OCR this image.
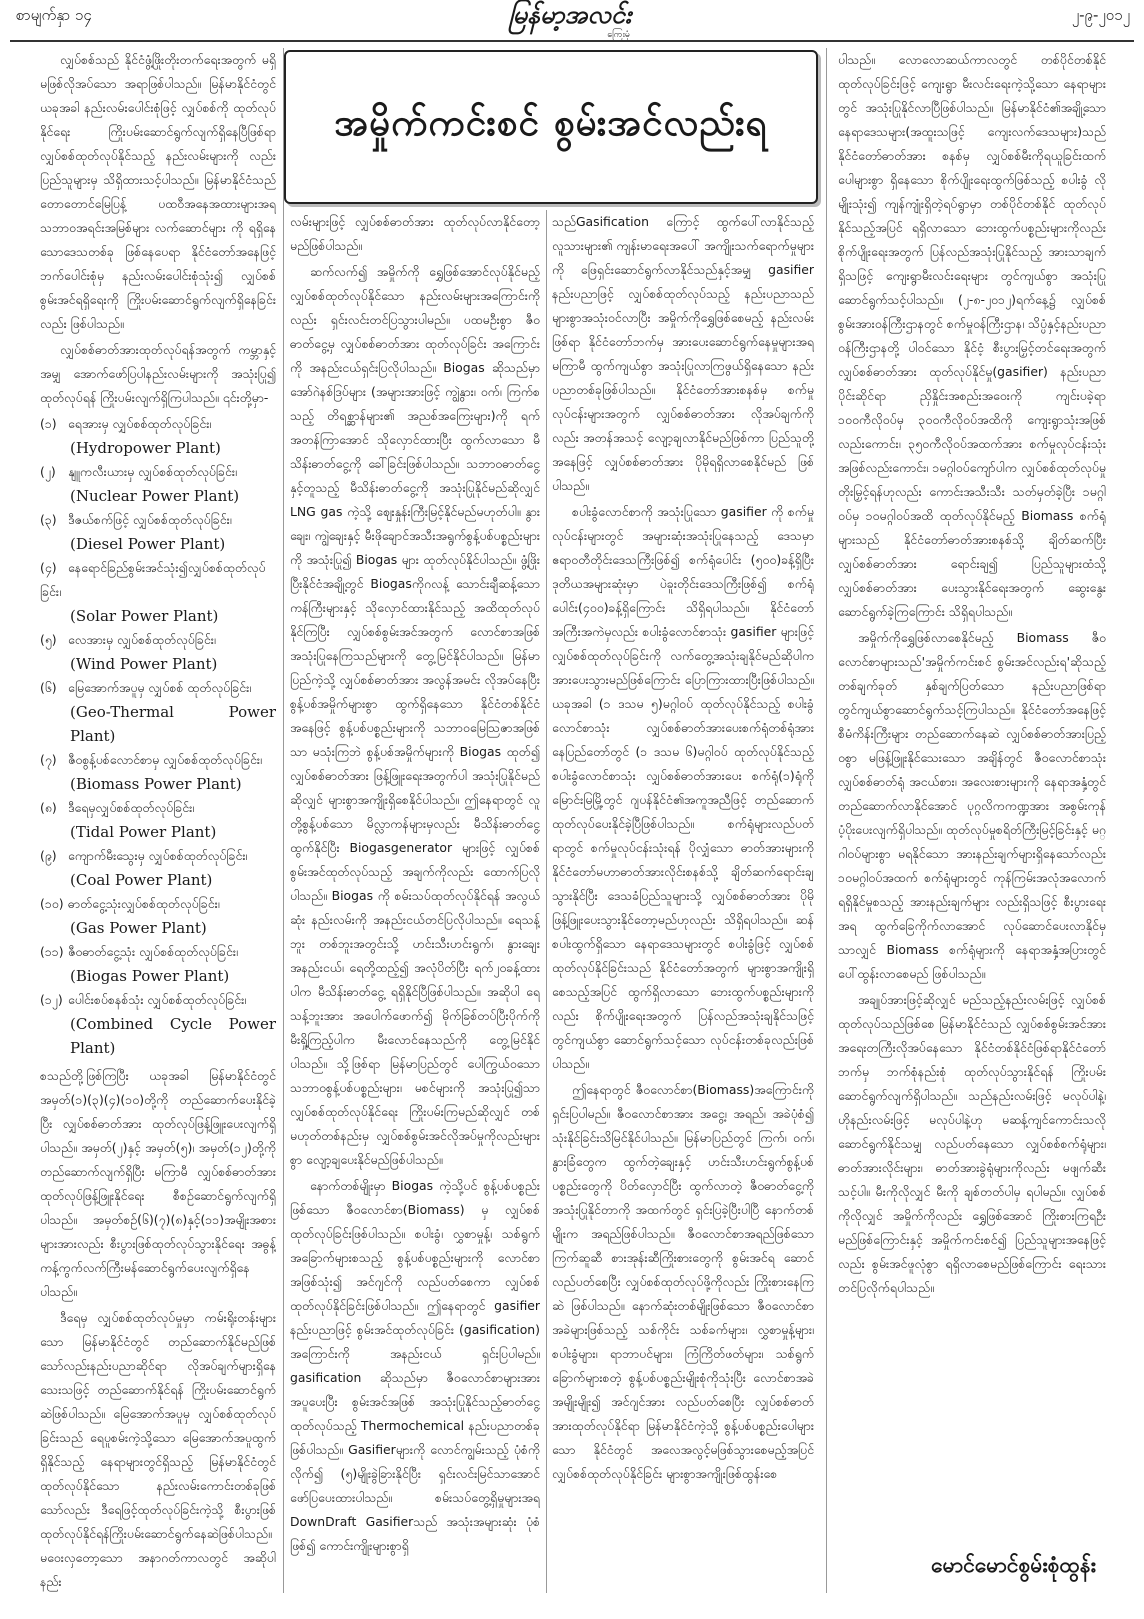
စာမျက်နှာ ၁၄	မြန်မာ့အလင်း
ကြေးမုံ
၂-၉-၂၀၁၂
အမှိုက်ကင်းစင် စွမ်းအင်လည်းရ

လျှပ်စစ်သည် နိုင်ငံဖွံ့ဖြိုးတိုးတက်ရေးအတွက် မရှိမဖြစ်လိုအပ်သော အရာဖြစ်ပါသည်။ မြန်မာနိုင်ငံတွင် ယခုအခါ နည်းလမ်းပေါင်းစုံဖြင့် လျှပ်စစ်ကို ထုတ်လုပ်နိုင်ရေး ကြိုးပမ်းဆောင်ရွက်လျက်ရှိနေပြီဖြစ်ရာ လျှပ်စစ်ထုတ်လုပ်နိုင်သည့် နည်းလမ်းများကို လည်း ပြည်သူများမှ သိရှိထားသင့်ပါသည်။ မြန်မာနိုင်ငံသည်တောတောင်မြေပြန့် ပထဝီအနေအထားများအရသဘာဝအရင်းအမြစ်များ လက်ဆောင်များ ကို ရရှိနေသောဒေသတစ်ခု ဖြစ်နေပေရာ နိုင်ငံတော်အနေဖြင့် ဘက်ပေါင်းစုံမှ နည်းလမ်းပေါင်းစုံသုံး၍ လျှပ်စစ်စွမ်းအင်ရရှိရေးကို ကြိုးပမ်းဆောင်ရွက်လျက်ရှိနေခြင်းလည်း ဖြစ်ပါသည်။

လျှပ်စစ်ဓာတ်အားထုတ်လုပ်ရန်အတွက် ကမ္ဘာနှင့်အမျှ အောက်ဖော်ပြပါနည်းလမ်းများကို အသုံးပြု၍ ထုတ်လုပ်ရန် ကြိုးပမ်းလျက်ရှိကြပါသည်။ ၎င်းတို့မှာ-

(၁) ရေအားမှ လျှပ်စစ်ထုတ်လုပ်ခြင်း၊
(Hydropower Plant)
(၂) နျူကလီးယားမှ လျှပ်စစ်ထုတ်လုပ်ခြင်း၊
(Nuclear Power Plant)
(၃) ဒီဇယ်စက်ဖြင့် လျှပ်စစ်ထုတ်လုပ်ခြင်း၊
(Diesel Power Plant)
(၄) နေရောင်ခြည်စွမ်းအင်သုံး၍လျှပ်စစ်ထုတ်လုပ်ခြင်း၊
(Solar Power Plant)
(၅) လေအားမှ လျှပ်စစ်ထုတ်လုပ်ခြင်း၊
(Wind Power Plant)
(၆) မြေအောက်အပူမှ လျှပ်စစ် ထုတ်လုပ်ခြင်း၊
(Geo-Thermal Power Plant)
(၇) ဇီဝစွန့်ပစ်လောင်စာမှ လျှပ်စစ်ထုတ်လုပ်ခြင်း၊
(Biomass Power Plant)
(၈) ဒီရေမှလျှပ်စစ်ထုတ်လုပ်ခြင်း၊
(Tidal Power Plant)
(၉) ကျောက်မီးသွေးမှ လျှပ်စစ်ထုတ်လုပ်ခြင်း၊
(Coal Power Plant)
(၁၀) ဓာတ်ငွေ့သုံးလျှပ်စစ်ထုတ်လုပ်ခြင်း၊
(Gas Power Plant)
(၁၁) ဇီဝဓာတ်ငွေ့သုံး လျှပ်စစ်ထုတ်လုပ်ခြင်း၊
(Biogas Power Plant)
(၁၂) ပေါင်းစပ်စနစ်သုံး လျှပ်စစ်ထုတ်လုပ်ခြင်း၊
(Combined Cycle Power Plant)

စသည်တို့ဖြစ်ကြပြီး ယခုအခါ မြန်မာနိုင်ငံတွင် အမှတ်(၁)(၃)(၄)(၁၀)တို့ကို တည်ဆောက်ပေးနိုင်ခဲ့ပြီး လျှပ်စစ်ဓာတ်အား ထုတ်လုပ်ဖြန့်ဖြူးပေးလျက်ရှိပါသည်။ အမှတ်(၂)နှင့် အမှတ်(၅)၊ အမှတ်(၁၂)တို့ကို တည်ဆောက်လျက်ရှိပြီး မကြာမီ လျှပ်စစ်ဓာတ်အား ထုတ်လုပ်ဖြန့်ဖြူးနိုင်ရေး စီစဉ်ဆောင်ရွက်လျက်ရှိပါသည်။ အမှတ်စဉ်(၆)(၇)(၈)နှင့်(၁၁)အမျိုးအစားများအားလည်း စီးပွားဖြစ်ထုတ်လုပ်သွားနိုင်ရေး အဓွန့်ကန့်ကွက်လက်ကြီးမန်ဆောင်ရွက်ပေးလျက်ရှိနေပါသည်။

ဒီရေမှ လျှပ်စစ်ထုတ်လုပ်မှုမှာ ကမ်းရိုးတန်းများသော မြန်မာနိုင်ငံတွင် တည်ဆောက်နိုင်မည်ဖြစ်သော်လည်းနည်းပညာဆိုင်ရာ လိုအပ်ချက်များရှိနေသေးသဖြင့် တည်ဆောက်နိုင်ရန် ကြိုးပမ်းဆောင်ရွက်ဆဲဖြစ်ပါသည်။ မြေအောက်အပူမှ လျှပ်စစ်ထုတ်လုပ်ခြင်းသည် ရေပူစမ်းကဲ့သို့သော မြေအောက်အပူထွက်ရှိနိုင်သည့် နေရာများတွင်ရှိသည့် မြန်မာနိုင်ငံတွင် ထုတ်လုပ်နိုင်သော နည်းလမ်းကောင်းတစ်ခုဖြစ်သော်လည်း ဒီရေဖြင့်ထုတ်လုပ်ခြင်းကဲ့သို့ စီးပွားဖြစ် ထုတ်လုပ်နိုင်ရန်ကြိုးပမ်းဆောင်ရွက်နေဆဲဖြစ်ပါသည်။ မဝေးလှတော့သော အနာဂတ်ကာလတွင် အဆိုပါ နည်း

လမ်းများဖြင့် လျှပ်စစ်ဓာတ်အား ထုတ်လုပ်လာနိုင်တော့မည်ဖြစ်ပါသည်။

ဆက်လက်၍ အမှိုက်ကို ရွှေဖြစ်အောင်လုပ်နိုင်မည့် လျှပ်စစ်ထုတ်လုပ်နိုင်သော နည်းလမ်းများအကြောင်းကိုလည်း ရှင်းလင်းတင်ပြသွားပါမည်။ ပထမဦးစွာ ဇီဝဓာတ်ငွေ့မှ လျှပ်စစ်ဓာတ်အား ထုတ်လုပ်ခြင်း အကြောင်းကို အနည်းငယ်ရှင်းပြလိုပါသည်။ Biogas ဆိုသည်မှာ အော်ဂဲနစ်ဒြပ်များ (အများအားဖြင့် ကျွဲနွား၊ ဝက်၊ ကြက်စသည့် တိရစ္ဆာန်များ၏ အညစ်အကြေးများ)ကို ရက်အတန်ကြာအောင် သိုလှောင်ထားပြီး ထွက်လာသော မီသိန်းဓာတ်ငွေ့ကို ခေါ်ခြင်းဖြစ်ပါသည်။ သဘာဝဓာတ်ငွေ့နှင့်တူသည့် မီသိန်းဓာတ်ငွေ့ကို အသုံးပြုနိုင်မည်ဆိုလျှင် LNG gas ကဲ့သို့ ဈေးနှုန်းကြီးမြင့်နိုင်မည်မဟုတ်ပါ။ နွားချေး၊ ကျွဲချေးနှင့် မီးဖိုချောင်အသီးအရွက်စွန့်ပစ်ပစ္စည်းများကို အသုံးပြု၍ Biogas များ ထုတ်လုပ်နိုင်ပါသည်။ ဖွံ့ဖြိုးပြီးနိုင်ငံအချို့တွင် Biogasကိုဂလန့် သောင်းချီဆန့်သော ကန်ကြီးများနှင့် သိုလှောင်ထားနိုင်သည့် အထိထုတ်လုပ်နိုင်ကြပြီး လျှပ်စစ်စွမ်းအင်အတွက် လောင်စာအဖြစ် အသုံးပြုနေကြသည်များကို တွေ့မြင်နိုင်ပါသည်။ မြန်မာပြည်ကဲ့သို့ လျှပ်စစ်ဓာတ်အား အလွန်အမင်း လိုအပ်နေပြီး စွန့်ပစ်အမှိုက်များစွာ ထွက်ရှိနေသော နိုင်ငံတစ်နိုင်ငံအနေဖြင့် စွန့်ပစ်ပစ္စည်းများကို သဘာဝမြေသြဇာအဖြစ်သာ မသုံးကြဘဲ စွန့်ပစ်အမှိုက်များကို Biogas ထုတ်၍ လျှပ်စစ်ဓာတ်အား ဖြန့်ဖြူးရေးအတွက်ပါ အသုံးပြုနိုင်မည်ဆိုလျှင် များစွာအကျိုးရှိစေနိုင်ပါသည်။ ဤနေရာတွင် လူတို့စွန့်ပစ်သော မိလ္လာကန်များမှလည်း မီသိန်းဓာတ်ငွေ့ထွက်နိုင်ပြီး Biogasgenerator များဖြင့် လျှပ်စစ်စွမ်းအင်ထုတ်လုပ်သည့် အချက်ကိုလည်း ထောက်ပြလိုပါသည်။ Biogas ကို စမ်းသပ်ထုတ်လုပ်နိုင်ရန် အလွယ်ဆုံး နည်းလမ်းကို အနည်းငယ်တင်ပြလိုပါသည်။ ရေသန့်ဘူး တစ်ဘူးအတွင်းသို့ ဟင်းသီးဟင်းရွက်၊ နွားချေးအနည်းငယ်၊ ရေတို့ထည့်၍ အလုံပိတ်ပြီး ရက်၂၀ခန့်ထားပါက မီသိန်းဓာတ်ငွေ့ ရရှိနိုင်ပြီဖြစ်ပါသည်။ အဆိုပါ ရေသန့်ဘူးအား အပေါက်ဖောက်၍ မိုက်ခြစ်တပ်ပြီးပိုက်ကိုမီးရှို့ကြည့်ပါက မီးလောင်နေသည်ကို တွေ့မြင်နိုင်ပါသည်။ သို့ဖြစ်ရာ မြန်မာပြည်တွင် ပေါကြွယ်ဝသော သဘာဝစွန့်ပစ်ပစ္စည်းများ၊ မစင်များကို အသုံးပြု၍သာ လျှပ်စစ်ထုတ်လုပ်နိုင်ရေး ကြိုးပမ်းကြမည်ဆိုလျှင် တစ်မဟုတ်တစ်နည်းမှ လျှပ်စစ်စွမ်းအင်လိုအပ်မှုကိုလည်းများစွာ လျော့ချပေးနိုင်မည်ဖြစ်ပါသည်။

နောက်တစ်မျိုးမှာ Biogas ကဲ့သို့ပင် စွန့်ပစ်ပစ္စည်းဖြစ်သော ဇီဝလောင်စာ(Biomass) မှ လျှပ်စစ်ထုတ်လုပ်ခြင်းဖြစ်ပါသည်။ စပါးခွံ၊ လွှစာမှုန့်၊ သစ်ရွက်အခြောက်များစသည့် စွန့်ပစ်ပစ္စည်းများကို လောင်စာအဖြစ်သုံး၍ အင်ဂျင်ကို လည်ပတ်စေကာ လျှပ်စစ်ထုတ်လုပ်နိုင်ခြင်းဖြစ်ပါသည်။ ဤနေရာတွင် gasifier နည်းပညာဖြင့် စွမ်းအင်ထုတ်လုပ်ခြင်း (gasification) အကြောင်းကို အနည်းငယ် ရှင်းပြပါမည်။ gasification ဆိုသည်မှာ ဇီဝလောင်စာများအား အပူပေးပြီး စွမ်းအင်အဖြစ် အသုံးပြုနိုင်သည့်ဓာတ်ငွေ့ထုတ်လုပ်သည့် Thermochemical နည်းပညာတစ်ခုဖြစ်ပါသည်။ Gasifierများကို လောင်ကျွမ်းသည့် ပုံစံကိုလိုက်၍ (၅)မျိုးခွဲခြားနိုင်ပြီး ရှင်းလင်းမြင်သာအောင် ဖော်ပြပေးထားပါသည်။ စမ်းသပ်တွေ့ရှိမှုများအရ DownDraft Gasifierသည် အသုံးအများဆုံး ပုံစံဖြစ်၍ ကောင်းကျိုးများစွာရှိ

သည်Gasification ကြောင့် ထွက်ပေါ်လာနိုင်သည့် လူသားများ၏ ကျန်းမာရေးအပေါ် အကျိုးသက်ရောက်မှုများကို ဖြေရှင်းဆောင်ရွက်လာနိုင်သည်နှင့်အမျှ gasifier နည်းပညာဖြင့် လျှပ်စစ်ထုတ်လုပ်သည့် နည်းပညာသည် များစွာအသုံးဝင်လာပြီး အမှိုက်ကိုရွှေဖြစ်စေမည့် နည်းလမ်းဖြစ်ရာ နိုင်ငံတော်ဘက်မှ အားပေးဆောင်ရွက်နေမှုများအရ မကြာမီ ထွက်ကျယ်စွာ အသုံးပြုလာကြဖွယ်ရှိနေသော နည်းပညာတစ်ခုဖြစ်ပါသည်။ နိုင်ငံတော်အားစနစ်မှ စက်မှုလုပ်ငန်းများအတွက် လျှပ်စစ်ဓာတ်အား လိုအပ်ချက်ကိုလည်း အတန်အသင့် လျော့ချလာနိုင်မည်ဖြစ်ကာ ပြည်သူတို့အနေဖြင့် လျှပ်စစ်ဓာတ်အား ပိုမိုရရှိလာစေနိုင်မည် ဖြစ်ပါသည်။

စပါးခွံလောင်စာကို အသုံးပြုသော gasifier ကို စက်မှုလုပ်ငန်းများတွင် အများဆုံးအသုံးပြုနေသည့် ဒေသမှာ ဧရာဝတီတိုင်းဒေသကြီးဖြစ်၍ စက်ရုံပေါင်း (၅၀၀)ခန့်ရှိပြီး ဒုတိယအများဆုံးမှာ ပဲခူးတိုင်းဒေသကြီးဖြစ်၍ စက်ရုံပေါင်း(၄၀၀)ခန့်ရှိကြောင်း သိရှိရပါသည်။ နိုင်ငံတော်အကြီးအကဲမှလည်း စပါးခွံလောင်စာသုံး gasifier များဖြင့် လျှပ်စစ်ထုတ်လုပ်ခြင်းကို လက်တွေ့အသုံးချနိုင်မည်ဆိုပါက အားပေးသွားမည်ဖြစ်ကြောင်း ပြောကြားထားပြီးဖြစ်ပါသည်။ ယခုအခါ (၁ ဒသမ ၅)မဂ္ဂါဝပ် ထုတ်လုပ်နိုင်သည့် စပါးခွံလောင်စာသုံး လျှပ်စစ်ဓာတ်အားပေးစက်ရုံတစ်ရုံအား နေပြည်တော်တွင် (၁ ဒသမ ၆)မဂ္ဂါဝပ် ထုတ်လုပ်နိုင်သည့် စပါးခွံလောင်စာသုံး လျှပ်စစ်ဓာတ်အားပေး စက်ရုံ(၁)ရုံကို မြောင်းမြမြို့တွင် ဂျပန်နိုင်ငံ၏အကူအညီဖြင့် တည်ဆောက်ထုတ်လုပ်ပေးနိုင်ခဲ့ပြီဖြစ်ပါသည်။ စက်ရုံများလည်ပတ်ရာတွင် စက်မှုလုပ်ငန်းသုံးရန် ပိုလျှံသော ဓာတ်အားများကို နိုင်ငံတော်မဟာဓာတ်အားလိုင်းစနစ်သို့ ချိတ်ဆက်ရောင်းချသွားနိုင်ပြီး ဒေသခံပြည်သူများသို့ လျှပ်စစ်ဓာတ်အား ပိုမိုဖြန့်ဖြူးပေးသွားနိုင်တော့မည်ဟုလည်း သိရှိရပါသည်။ ဆန်စပါးထွက်ရှိသော နေရာဒေသများတွင် စပါးခွံဖြင့် လျှပ်စစ်ထုတ်လုပ်နိုင်ခြင်းသည် နိုင်ငံတော်အတွက် များစွာအကျိုးရှိစေသည့်အပြင် ထွက်ရှိလာသော ဘေးထွက်ပစ္စည်းများကိုလည်း စိုက်ပျိုးရေးအတွက် ပြန်လည်အသုံးချနိုင်သဖြင့် တွင်ကျယ်စွာ ဆောင်ရွက်သင့်သော လုပ်ငန်းတစ်ခုလည်းဖြစ်ပါသည်။

ဤနေရာတွင် ဇီဝလောင်စာ(Biomass)အကြောင်းကို ရှင်းပြပါမည်။ ဇီဝလောင်စာအား အငွေ့၊ အရည်၊ အခဲပုံစံ၍ သုံးနိုင်ခြင်းသိမြင်နိုင်ပါသည်။ မြန်မာပြည်တွင် ကြက်၊ ဝက်၊ နွားခြံတွေက ထွက်တဲ့ချေးနှင့် ဟင်းသီးဟင်းရွက်စွန့်ပစ်ပစ္စည်းတွေကို ပိတ်လှောင်ပြီး ထွက်လာတဲ့ ဇီဝဓာတ်ငွေ့ကိုအသုံးပြုနိုင်တာကို အထက်တွင် ရှင်းပြခဲ့ပြီးပါပြီ နောက်တစ်မျိုးက အရည်ဖြစ်ပါသည်။ ဇီဝလောင်စာအရည်ဖြစ်သော ကြက်ဆူဆီ စားအုန်းဆီကြိုးစားတွေကို စွမ်းအင်ရ ဆောင်လည်ပတ်စေပြီး လျှပ်စစ်ထုတ်လုပ်ဖို့ကိုလည်း ကြိုးစားနေကြဆဲ ဖြစ်ပါသည်။ နောက်ဆုံးတစ်မျိုးဖြစ်သော ဇီဝလောင်စာအခဲများဖြစ်သည့် သစ်ကိုင်း သစ်ခက်များ၊ လွှစာမှုန့်များ၊ စပါးခွံများ၊ ရာဘာပင်များ၊ ကြံကြိတ်ဖတ်များ၊ သစ်ရွက်ခြောက်များစတဲ့ စွန့်ပစ်ပစ္စည်းမျိုးစုံကိုသုံးပြီး လောင်စာအခဲအမျိုးမျိုး၍ အင်ဂျင်အား လည်ပတ်စေပြီး လျှပ်စစ်ဓာတ်အားထုတ်လုပ်နိုင်ရာ မြန်မာနိုင်ငံကဲ့သို့ စွန့်ပစ်ပစ္စည်းပေါများသော နိုင်ငံတွင် အလေအလွင့်မဖြစ်သွားစေမည့်အပြင် လျှပ်စစ်ထုတ်လုပ်နိုင်ခြင်း များစွာအကျိုးဖြစ်ထွန်းစေ

ပါသည်။ လောလောဆယ်ကာလတွင် တစ်ပိုင်တစ်နိုင်ထုတ်လုပ်ခြင်းဖြင့် ကျေးရွာ မီးလင်းရေးကဲ့သို့သော နေရာများတွင် အသုံးပြုနိုင်လာပြီဖြစ်ပါသည်။ မြန်မာနိုင်ငံ၏အချို့သော နေရာဒေသများ(အထူးသဖြင့် ကျေးလက်ဒေသများ)သည် နိုင်ငံတော်ဓာတ်အား စနစ်မှ လျှပ်စစ်မီးကိုရယူခြင်းထက် ပေါများစွာ ရှိနေသော စိုက်ပျိုးရေးထွက်ဖြစ်သည့် စပါးခွံ လိုမျိုးသုံး၍ ကျန်ကျုံးရှိတဲ့ရပ်ရွာမှာ တစ်ပိုင်တစ်နိုင် ထုတ်လုပ်နိုင်သည့်အပြင် ရရှိလာသော ဘေးထွက်ပစ္စည်းများကိုလည်း စိုက်ပျိုးရေးအတွက် ပြန်လည်အသုံးပြုနိုင်သည့် အားသာချက်ရှိသဖြင့် ကျေးရွာမီးလင်းရေးများ တွင်ကျယ်စွာ အသုံးပြုဆောင်ရွက်သင့်ပါသည်။ (၂-၈-၂၀၁၂)ရက်နေ့၌ လျှပ်စစ်စွမ်းအားဝန်ကြီးဌာနတွင် စက်မှုဝန်ကြီးဌာန၊ သိပ္ပံနှင့်နည်းပညာဝန်ကြီးဌာနတို့ ပါဝင်သော နိုင်ငံ့ စီးပွားမြှင့်တင်ရေးအတွက် လျှပ်စစ်ဓာတ်အား ထုတ်လုပ်နိုင်မှု(gasifier) နည်းပညာပိုင်းဆိုင်ရာ ညှိနှိုင်းအစည်းအဝေးကို ကျင်းပခဲ့ရာ ၁၀၀ကီလိုဝပ်မှ ၃၀၀ကီလိုဝပ်အထိကို ကျေးရွာသုံးအဖြစ် လည်းကောင်း၊ ၃၅၀ကီလိုဝပ်အထက်အား စက်မှုလုပ်ငန်းသုံးအဖြစ်လည်းကောင်း၊ ၁မဂ္ဂါဝပ်ကျော်ပါက လျှပ်စစ်ထုတ်လုပ်မှုတိုးမြှင့်ရန်ဟုလည်း ကောင်းအသီးသီး သတ်မှတ်ခဲ့ပြီး ၁မဂ္ဂါဝပ်မှ ၁၀မဂ္ဂါဝပ်အထိ ထုတ်လုပ်နိုင်မည့် Biomass စက်ရုံများသည် နိုင်ငံတော်ဓာတ်အားစနစ်သို့ ချိတ်ဆက်ပြီး လျှပ်စစ်ဓာတ်အား ရောင်းချ၍ ပြည်သူများထံသို့ လျှပ်စစ်ဓာတ်အား ပေးသွားနိုင်ရေးအတွက် ဆွေးနွေးဆောင်ရွက်ခဲ့ကြကြောင်း သိရှိရပါသည်။

အမှိုက်ကိုရွှေဖြစ်လာစေနိုင်မည့် Biomass ဇီဝလောင်စာများသည်'အမှိုက်ကင်းစင် စွမ်းအင်လည်းရ'ဆိုသည့် တစ်ချက်ခုတ် နှစ်ချက်ပြတ်သော နည်းပညာဖြစ်ရာ တွင်ကျယ်စွာဆောင်ရွက်သင့်ကြပါသည်။ နိုင်ငံတော်အနေဖြင့် စီမံကိန်းကြီးများ တည်ဆောက်နေဆဲ လျှပ်စစ်ဓာတ်အားပြည့်ဝစွာ မဖြန့်ဖြူးနိုင်သေးသော အချိန်တွင် ဇီဝလောင်စာသုံး လျှပ်စစ်ဓာတ်ရုံ အငယ်စား၊ အလေးစားများကို နေရာအနှံ့တွင် တည်ဆောက်လာနိုင်အောင် ပုဂ္ဂလိကကဏ္ဍအား အစွမ်းကုန် ပံ့ပိုးပေးလျက်ရှိပါသည်။ ထုတ်လုပ်မှုစရိတ်ကြီးမြင့်ခြင်းနှင့် မဂ္ဂါဝပ်များစွာ မရနိုင်သော အားနည်းချက်များရှိနေသော်လည်း ၁၀မဂ္ဂါဝပ်အထက် စက်ရုံများတွင် ကုန်ကြမ်းအလုံအလောက်ရရှိနိုင်မှုစသည့် အားနည်းချက်များ လည်းရှိသဖြင့် စီးပွားရေးအရ ထွက်ခြေကိုက်လာအောင် လုပ်ဆောင်ပေးလာနိုင်မှသာလျှင် Biomass စက်ရုံများကို နေရာအနှံ့အပြားတွင် ပေါ်ထွန်းလာစေမည် ဖြစ်ပါသည်။

အချုပ်အားဖြင့်ဆိုလျှင် မည်သည့်နည်းလမ်းဖြင့် လျှပ်စစ်ထုတ်လုပ်သည်ဖြစ်စေ မြန်မာနိုင်ငံသည် လျှပ်စစ်စွမ်းအင်အား အရေးတကြီးလိုအပ်နေသော နိုင်ငံတစ်နိုင်ငံဖြစ်ရာနိုင်ငံတော်ဘက်မှ ဘက်စုံနည်းစုံ ထုတ်လုပ်သွားနိုင်ရန် ကြိုးပမ်းဆောင်ရွက်လျက်ရှိပါသည်။ သည်နည်းလမ်းဖြင့် မလုပ်ပါနဲ့၊ ဟိုနည်းလမ်းဖြင့် မလုပ်ပါနဲ့ဟု မဆန့်ကျင်ကောင်းသလို ဆောင်ရွက်နိုင်သမျှ လည်ပတ်နေသော လျှပ်စစ်စက်ရုံများ၊ ဓာတ်အားလိုင်းများ၊ ဓာတ်အားခွဲရုံများကိုလည်း မဖျက်ဆီးသင့်ပါ။ မီးကိုလိုလျှင် မီးကို ချစ်တတ်ပါမှ ရပါမည်။ လျှပ်စစ်ကိုလိုလျှင် အမှိုက်ကိုလည်း ရွှေဖြစ်အောင် ကြိုးစားကြရဦးမည်ဖြစ်ကြောင်းနှင့် အမှိုက်ကင်းစင်၍ ပြည်သူများအနေဖြင့်လည်း စွမ်းအင်ဖူလုံစွာ ရရှိလာစေမည်ဖြစ်ကြောင်း ရေးသားတင်ပြလိုက်ရပါသည်။

မောင်မောင်စွမ်းစုံထွန်း
